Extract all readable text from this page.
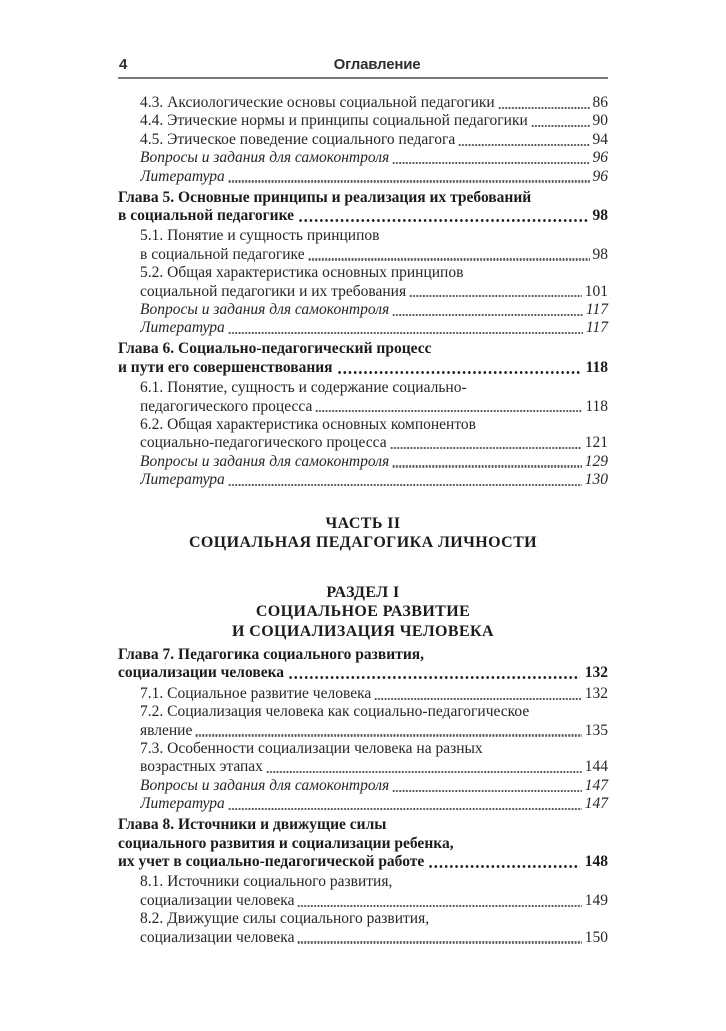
4	Оглавление
4.3. Аксиологические основы социальной педагогики	86
4.4. Этические нормы и принципы социальной педагогики	90
4.5. Этическое поведение социального педагога	94
Вопросы и задания для самоконтроля	96
Литература	96
Глава 5. Основные принципы и реализация их требований
в социальной педагогике	98
5.1. Понятие и сущность принципов
в социальной педагогике	98
5.2. Общая характеристика основных принципов
социальной педагогики и их требования	101
Вопросы и задания для самоконтроля	117
Литература	117
Глава 6. Социально-педагогический процесс
и пути его совершенствования	118
6.1. Понятие, сущность и содержание социально-
педагогического процесса	118
6.2. Общая характеристика основных компонентов
социально-педагогического процесса	121
Вопросы и задания для самоконтроля	129
Литература	130
ЧАСТЬ II
СОЦИАЛЬНАЯ ПЕДАГОГИКА ЛИЧНОСТИ
РАЗДЕЛ I
СОЦИАЛЬНОЕ РАЗВИТИЕ
И СОЦИАЛИЗАЦИЯ ЧЕЛОВЕКА
Глава 7. Педагогика социального развития,
социализации человека	132
7.1. Социальное развитие человека	132
7.2. Социализация человека как социально-педагогическое
явление	135
7.3. Особенности социализации человека на разных
возрастных этапах	144
Вопросы и задания для самоконтроля	147
Литература	147
Глава 8. Источники и движущие силы
социального развития и социализации ребенка,
их учет в социально-педагогической работе	148
8.1. Источники социального развития,
социализации человека	149
8.2. Движущие силы социального развития,
социализации человека	150
